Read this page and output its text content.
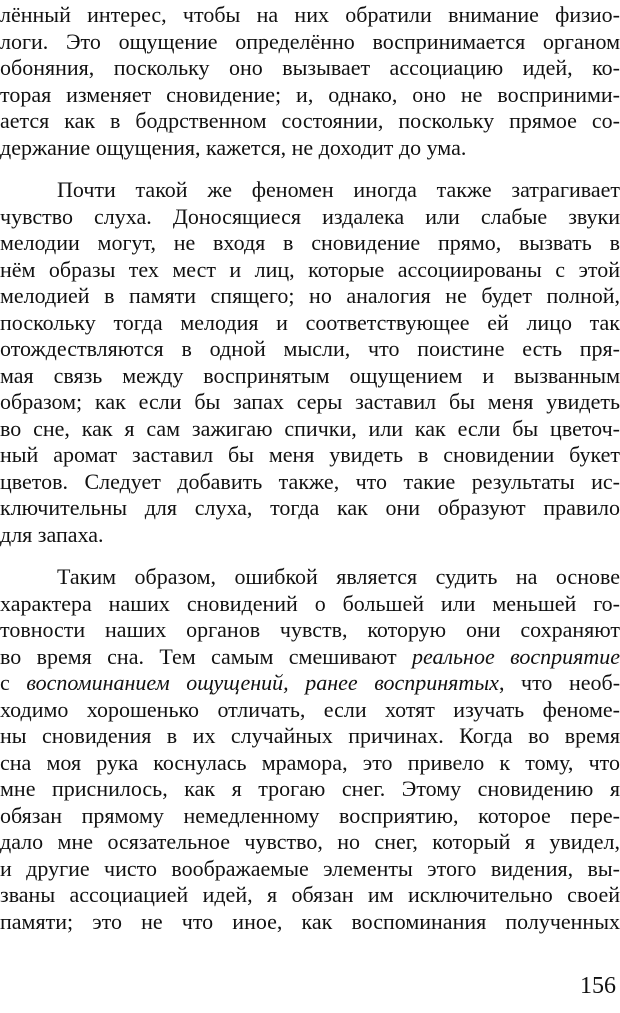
лённый интерес, чтобы на них обратили внимание физио-
логи. Это ощущение определённо воспринимается органом
обоняния, поскольку оно вызывает ассоциацию идей, ко-
торая изменяет сновидение; и, однако, оно не восприними-
ается как в бодрственном состоянии, поскольку прямое со-
держание ощущения, кажется, не доходит до ума.
Почти такой же феномен иногда также затрагивает
чувство слуха. Доносящиеся издалека или слабые звуки
мелодии могут, не входя в сновидение прямо, вызвать в
нём образы тех мест и лиц, которые ассоциированы с этой
мелодией в памяти спящего; но аналогия не будет полной,
поскольку тогда мелодия и соответствующее ей лицо так
отождествляются в одной мысли, что поистине есть пря-
мая связь между воспринятым ощущением и вызванным
образом; как если бы запах серы заставил бы меня увидеть
во сне, как я сам зажигаю спички, или как если бы цветоч-
ный аромат заставил бы меня увидеть в сновидении букет
цветов. Следует добавить также, что такие результаты ис-
ключительны для слуха, тогда как они образуют правило
для запаха.
Таким образом, ошибкой является судить на основе
характера наших сновидений о большей или меньшей го-
товности наших органов чувств, которую они сохраняют
во время сна. Тем самым смешивают реальное восприятие
с воспоминанием ощущений, ранее воспринятых, что необ-
ходимо хорошенько отличать, если хотят изучать феноме-
ны сновидения в их случайных причинах. Когда во время
сна моя рука коснулась мрамора, это привело к тому, что
мне приснилось, как я трогаю снег. Этому сновидению я
обязан прямому немедленному восприятию, которое пере-
дало мне осязательное чувство, но снег, который я увидел,
и другие чисто воображаемые элементы этого видения, вы-
званы ассоциацией идей, я обязан им исключительно своей
памяти; это не что иное, как воспоминания полученных
156
